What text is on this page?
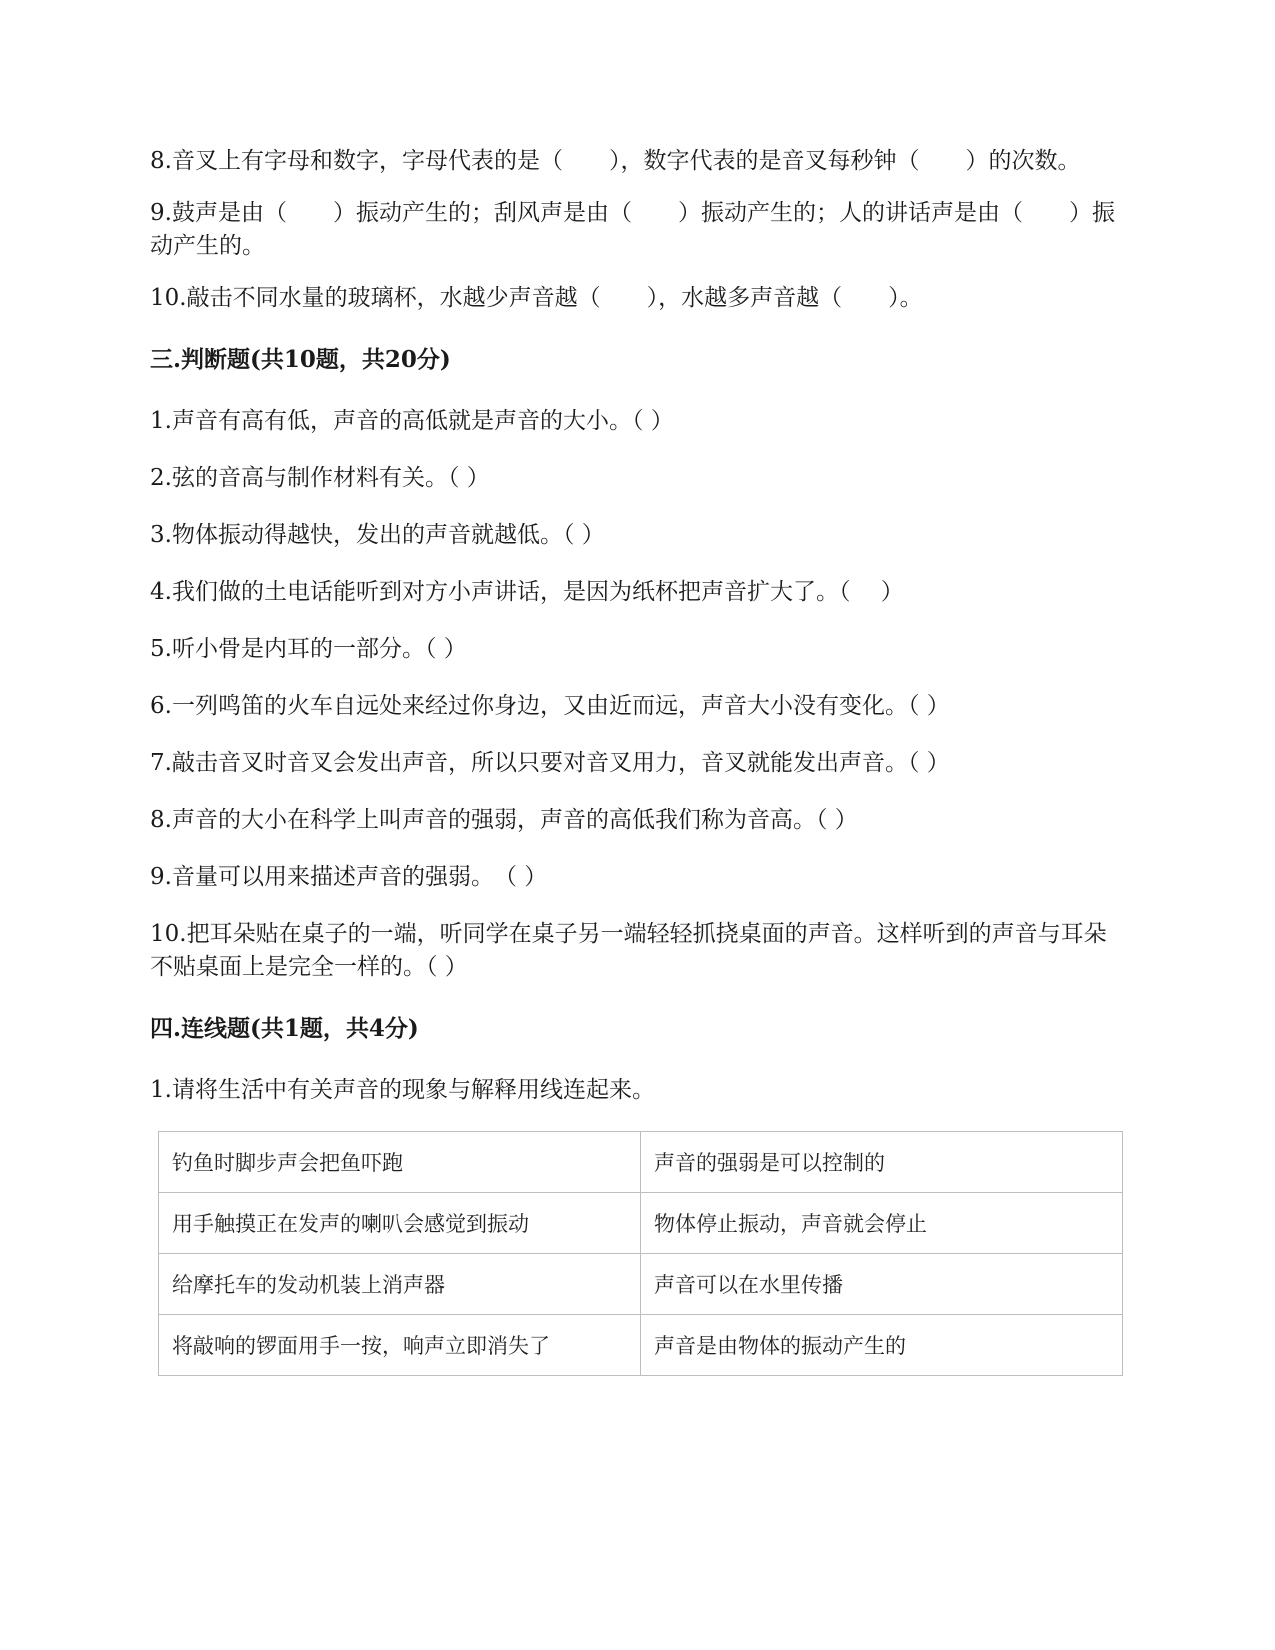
8.音叉上有字母和数字，字母代表的是（　　），数字代表的是音叉每秒钟（　　）的次数。

9.鼓声是由（　　）振动产生的；刮风声是由（　　）振动产生的；人的讲话声是由（　　）振动产生的。

10.敲击不同水量的玻璃杯，水越少声音越（　　），水越多声音越（　　）。

三.判断题(共10题，共20分)

1.声音有高有低，声音的高低就是声音的大小。（ ）

2.弦的音高与制作材料有关。（ ）

3.物体振动得越快，发出的声音就越低。（ ）

4.我们做的土电话能听到对方小声讲话，是因为纸杯把声音扩大了。（　 ）

5.听小骨是内耳的一部分。（ ）

6.一列鸣笛的火车自远处来经过你身边，又由近而远，声音大小没有变化。（ ）

7.敲击音叉时音叉会发出声音，所以只要对音叉用力，音叉就能发出声音。（ ）

8.声音的大小在科学上叫声音的强弱，声音的高低我们称为音高。（ ）

9.音量可以用来描述声音的强弱。　（ ）

10.把耳朵贴在桌子的一端，听同学在桌子另一端轻轻抓挠桌面的声音。这样听到的声音与耳朵不贴桌面上是完全一样的。（ ）

四.连线题(共1题，共4分)

1.请将生活中有关声音的现象与解释用线连起来。

钓鱼时脚步声会把鱼吓跑	声音的强弱是可以控制的
用手触摸正在发声的喇叭会感觉到振动	物体停止振动，声音就会停止
给摩托车的发动机装上消声器	声音可以在水里传播
将敲响的锣面用手一按，响声立即消失了	声音是由物体的振动产生的
